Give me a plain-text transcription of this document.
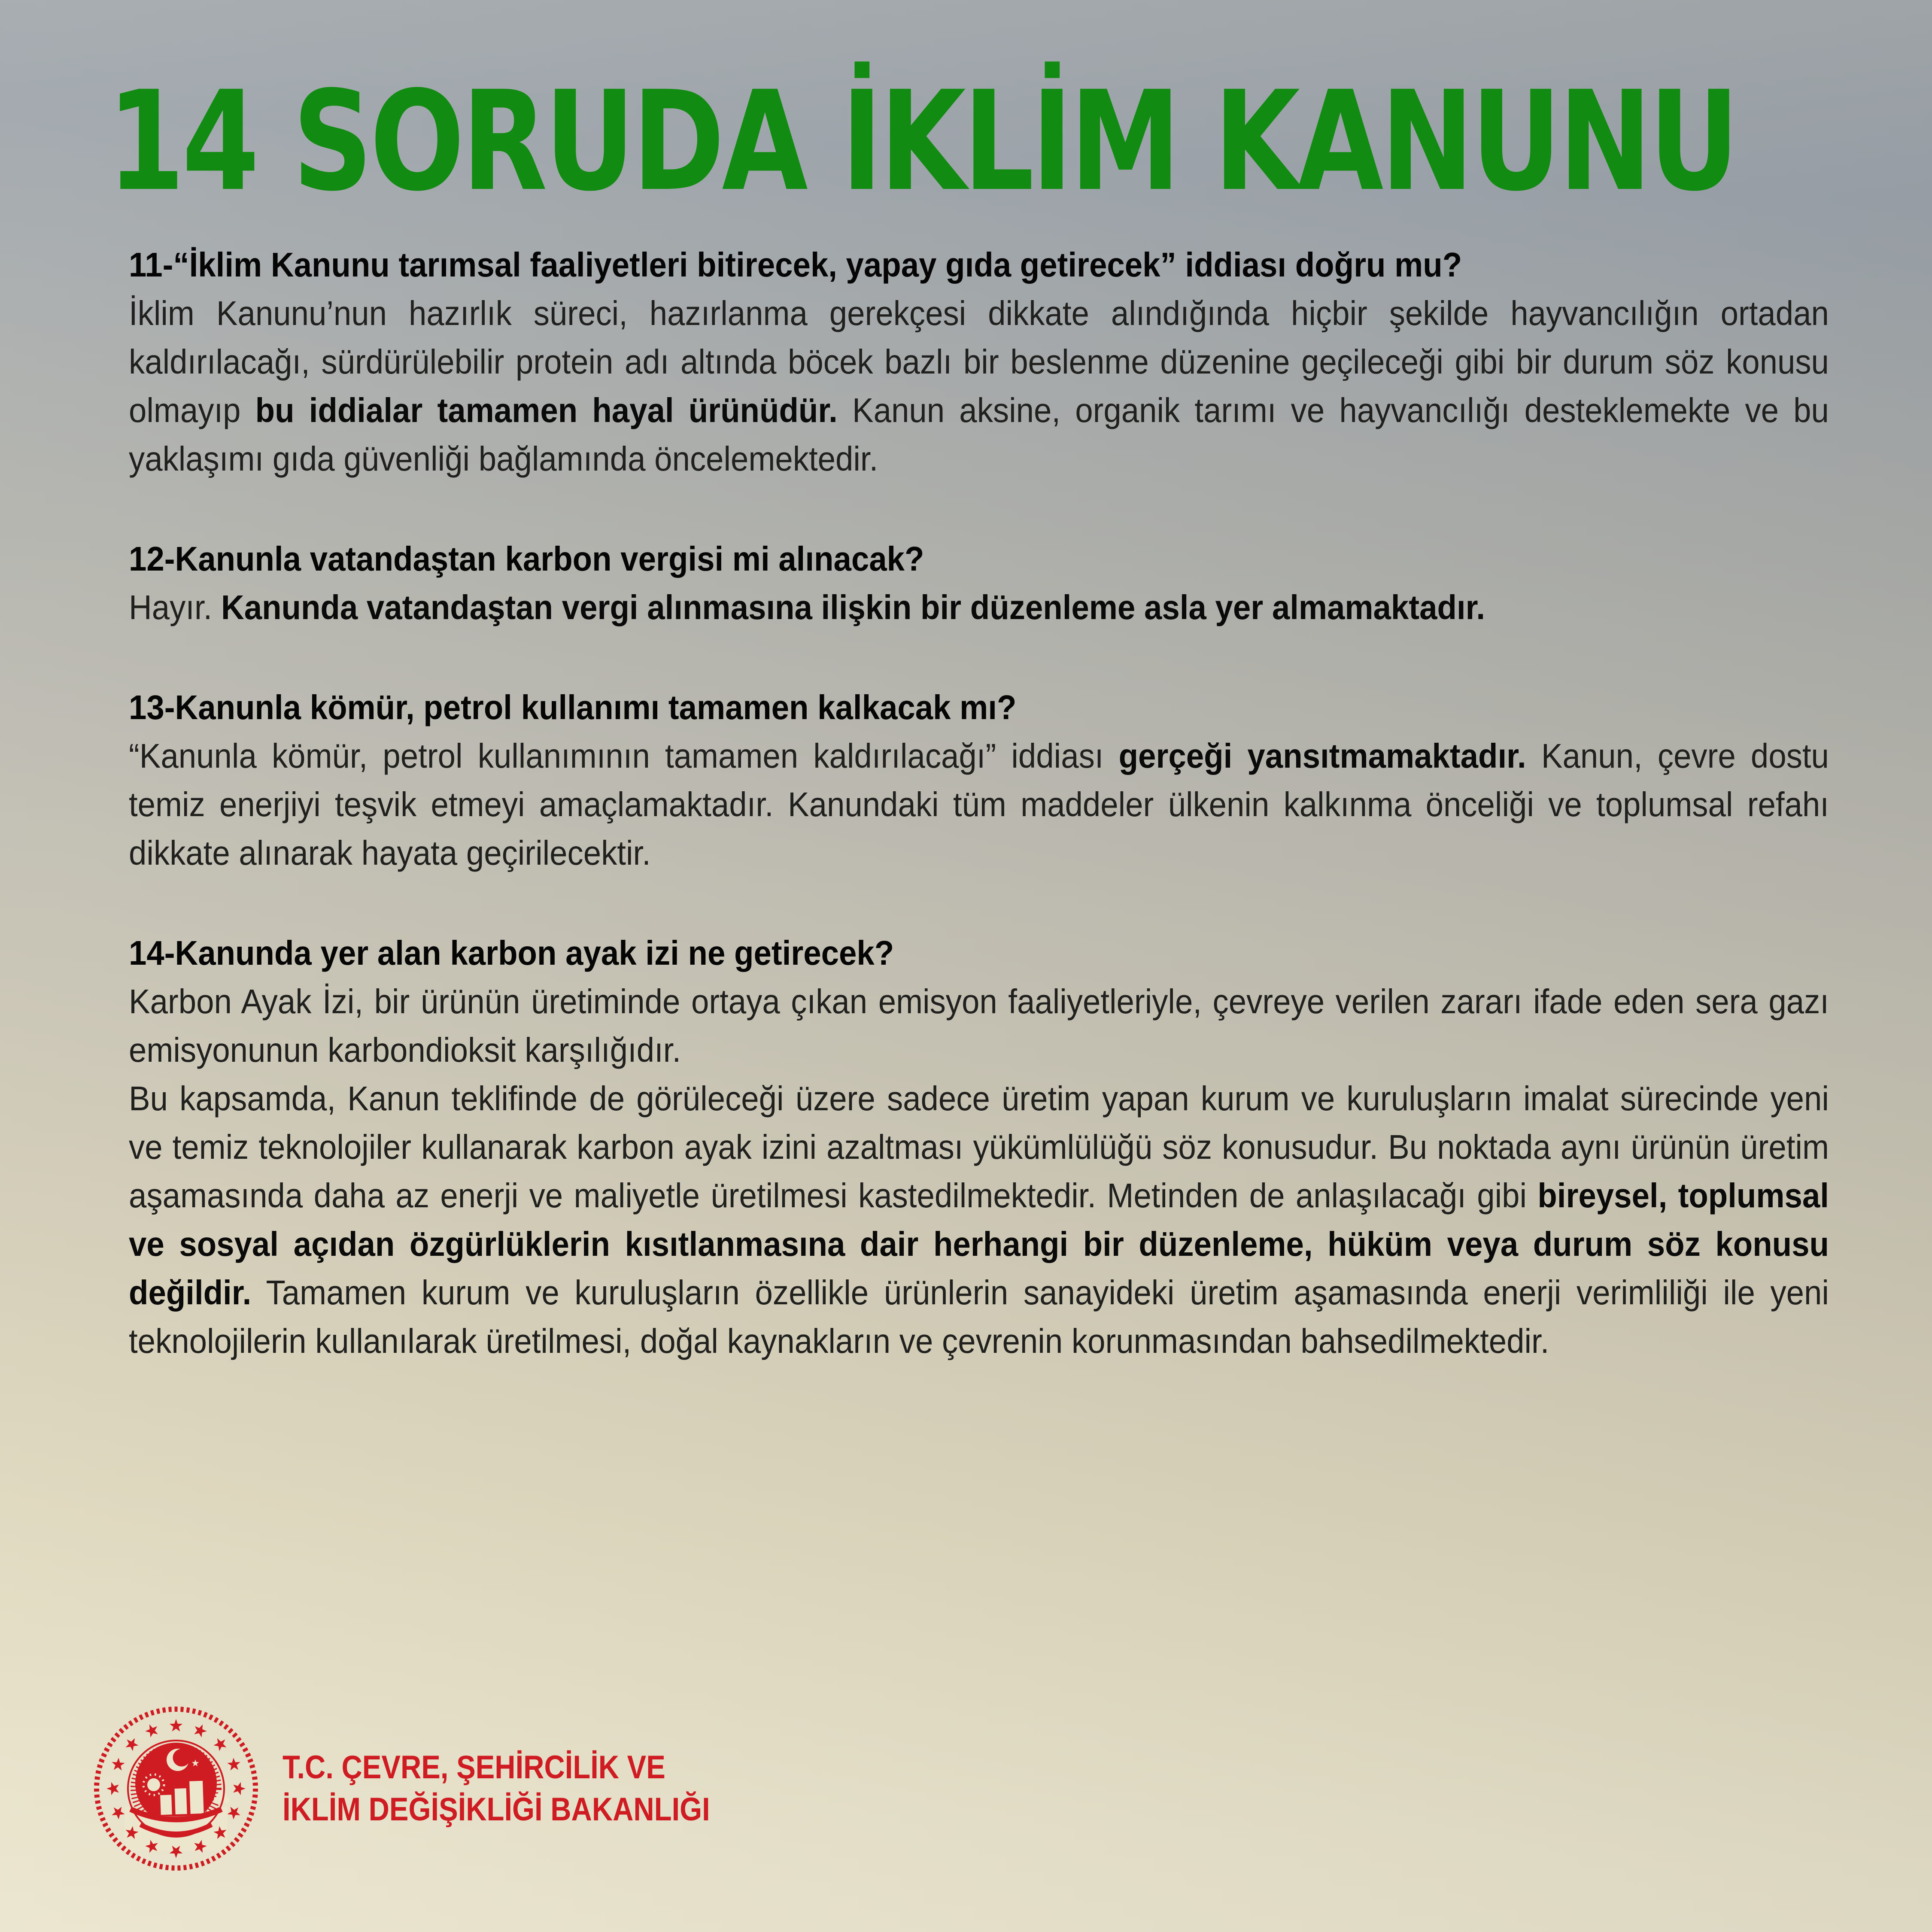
14 SORUDA İKLİM KANUNU
11-“İklim Kanunu tarımsal faaliyetleri bitirecek, yapay gıda getirecek” iddiası doğru mu?

İklim Kanunu’nun hazırlık süreci, hazırlanma gerekçesi dikkate alındığında hiçbir şekilde hayvancılığın ortadan kaldırılacağı, sürdürülebilir protein adı altında böcek bazlı bir beslenme düzenine geçileceği gibi bir durum söz konusu olmayıp bu iddialar tamamen hayal ürünüdür. Kanun aksine, organik tarımı ve hayvancılığı desteklemekte ve bu yaklaşımı gıda güvenliği bağlamında öncelemektedir.

12-Kanunla vatandaştan karbon vergisi mi alınacak?

Hayır. Kanunda vatandaştan vergi alınmasına ilişkin bir düzenleme asla yer almamaktadır.

13-Kanunla kömür, petrol kullanımı tamamen kalkacak mı?

“Kanunla kömür, petrol kullanımının tamamen kaldırılacağı” iddiası gerçeği yansıtmamaktadır. Kanun, çevre dostu temiz enerjiyi teşvik etmeyi amaçlamaktadır. Kanundaki tüm maddeler ülkenin kalkınma önceliği ve toplumsal refahı dikkate alınarak hayata geçirilecektir.

14-Kanunda yer alan karbon ayak izi ne getirecek?

Karbon Ayak İzi, bir ürünün üretiminde ortaya çıkan emisyon faaliyetleriyle, çevreye verilen zararı ifade eden sera gazı emisyonunun karbondioksit karşılığıdır.

Bu kapsamda, Kanun teklifinde de görüleceği üzere sadece üretim yapan kurum ve kuruluşların imalat sürecinde yeni ve temiz teknolojiler kullanarak karbon ayak izini azaltması yükümlülüğü söz konusudur. Bu noktada aynı ürünün üretim aşamasında daha az enerji ve maliyetle üretilmesi kastedilmektedir. Metinden de anlaşılacağı gibi bireysel, toplumsal ve sosyal açıdan özgürlüklerin kısıtlanmasına dair herhangi bir düzenleme, hüküm veya durum söz konusu değildir. Tamamen kurum ve kuruluşların özellikle ürünlerin sanayideki üretim aşamasında enerji verimliliği ile yeni teknolojilerin kullanılarak üretilmesi, doğal kaynakların ve çevrenin korunmasından bahsedilmektedir.

T.C. ÇEVRE, ŞEHİRCİLİK VE
İKLİM DEĞİŞİKLİĞİ BAKANLIĞI
